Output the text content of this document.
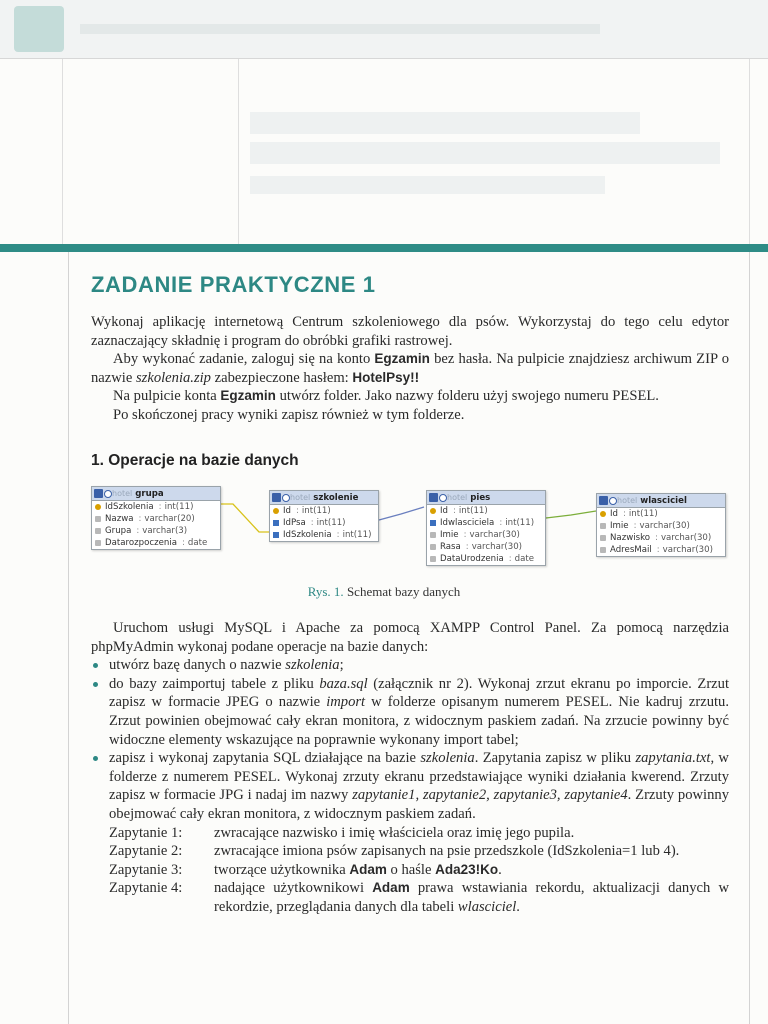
ZADANIE PRAKTYCZNE 1

Wykonaj aplikację internetową Centrum szkoleniowego dla psów. Wykorzystaj do tego celu edytor zaznaczający składnię i program do obróbki grafiki rastrowej.

Aby wykonać zadanie, zaloguj się na konto Egzamin bez hasła. Na pulpicie znajdziesz archiwum ZIP o nazwie szkolenia.zip zabezpieczone hasłem: HotelPsy!!

Na pulpicie konta Egzamin utwórz folder. Jako nazwy folderu użyj swojego numeru PESEL.

Po skończonej pracy wyniki zapisz również w tym folderze.

1. Operacje na bazie danych
hotel grupa
IdSzkolenia : int(11)
Nazwa : varchar(20)
Grupa : varchar(3)
Datarozpoczenia : date
hotel szkolenie
Id : int(11)
IdPsa : int(11)
IdSzkolenia : int(11)
hotel pies
Id : int(11)
Idwlasciciela : int(11)
Imie : varchar(30)
Rasa : varchar(30)
DataUrodzenia : date
hotel wlasciciel
Id : int(11)
Imie : varchar(30)
Nazwisko : varchar(30)
AdresMail : varchar(30)
Rys. 1. Schemat bazy danych

Uruchom usługi MySQL i Apache za pomocą XAMPP Control Panel. Za pomocą narzędzia phpMyAdmin wykonaj podane operacje na bazie danych:

utwórz bazę danych o nazwie szkolenia;
do bazy zaimportuj tabele z pliku baza.sql (załącznik nr 2). Wykonaj zrzut ekranu po imporcie. Zrzut zapisz w formacie JPEG o nazwie import w folderze opisanym numerem PESEL. Nie kadruj zrzutu. Zrzut powinien obejmować cały ekran monitora, z widocznym paskiem zadań. Na zrzucie powinny być widoczne elementy wskazujące na poprawnie wykonany import tabel;
zapisz i wykonaj zapytania SQL działające na bazie szkolenia. Zapytania zapisz w pliku zapytania.txt, w folderze z numerem PESEL. Wykonaj zrzuty ekranu przedstawiające wyniki działania kwerend. Zrzuty zapisz w formacie JPG i nadaj im nazwy zapytanie1, zapytanie2, zapytanie3, zapytanie4. Zrzuty powinny obejmować cały ekran monitora, z widocznym paskiem zadań.
Zapytanie 1:	zwracające nazwisko i imię właściciela oraz imię jego pupila.
Zapytanie 2:	zwracające imiona psów zapisanych na psie przedszkole (IdSzkolenia=1 lub 4).
Zapytanie 3:	tworzące użytkownika Adam o haśle Ada23!Ko.
Zapytanie 4:	nadające użytkownikowi Adam prawa wstawiania rekordu, aktualizacji danych w rekordzie, przeglądania danych dla tabeli wlasciciel.
